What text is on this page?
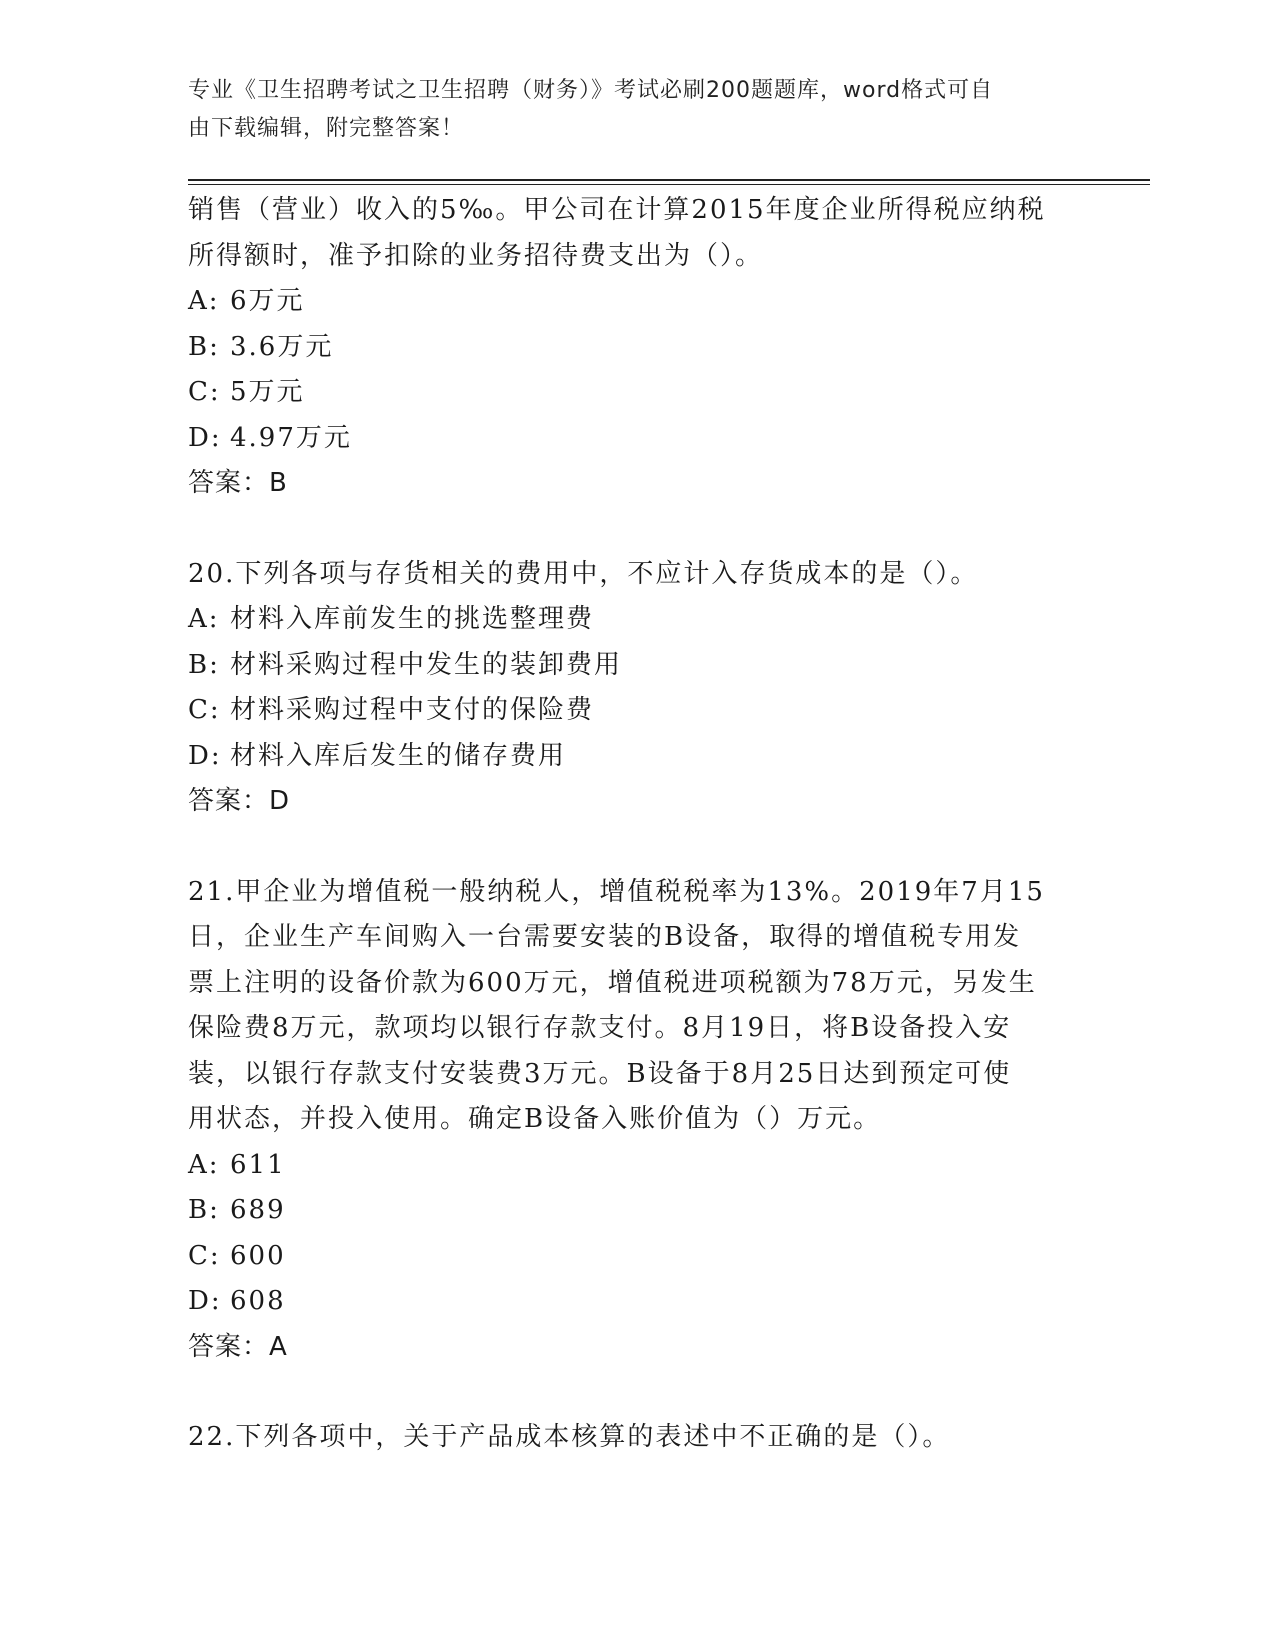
专业《卫生招聘考试之卫生招聘（财务）》考试必刷200题题库，word格式可自
由下载编辑，附完整答案！

销售（营业）收入的5‰。甲公司在计算2015年度企业所得税应纳税

所得额时，准予扣除的业务招待费支出为（）。

A: 6万元

B: 3.6万元

C: 5万元

D: 4.97万元

答案：B

20.下列各项与存货相关的费用中，不应计入存货成本的是（）。

A: 材料入库前发生的挑选整理费

B: 材料采购过程中发生的装卸费用

C: 材料采购过程中支付的保险费

D: 材料入库后发生的储存费用

答案：D

21.甲企业为增值税一般纳税人，增值税税率为13%。2019年7月15

日，企业生产车间购入一台需要安装的B设备，取得的增值税专用发

票上注明的设备价款为600万元，增值税进项税额为78万元，另发生

保险费8万元，款项均以银行存款支付。8月19日，将B设备投入安

装，以银行存款支付安装费3万元。B设备于8月25日达到预定可使

用状态，并投入使用。确定B设备入账价值为（）万元。

A: 611

B: 689

C: 600

D: 608

答案：A

22.下列各项中，关于产品成本核算的表述中不正确的是（）。
